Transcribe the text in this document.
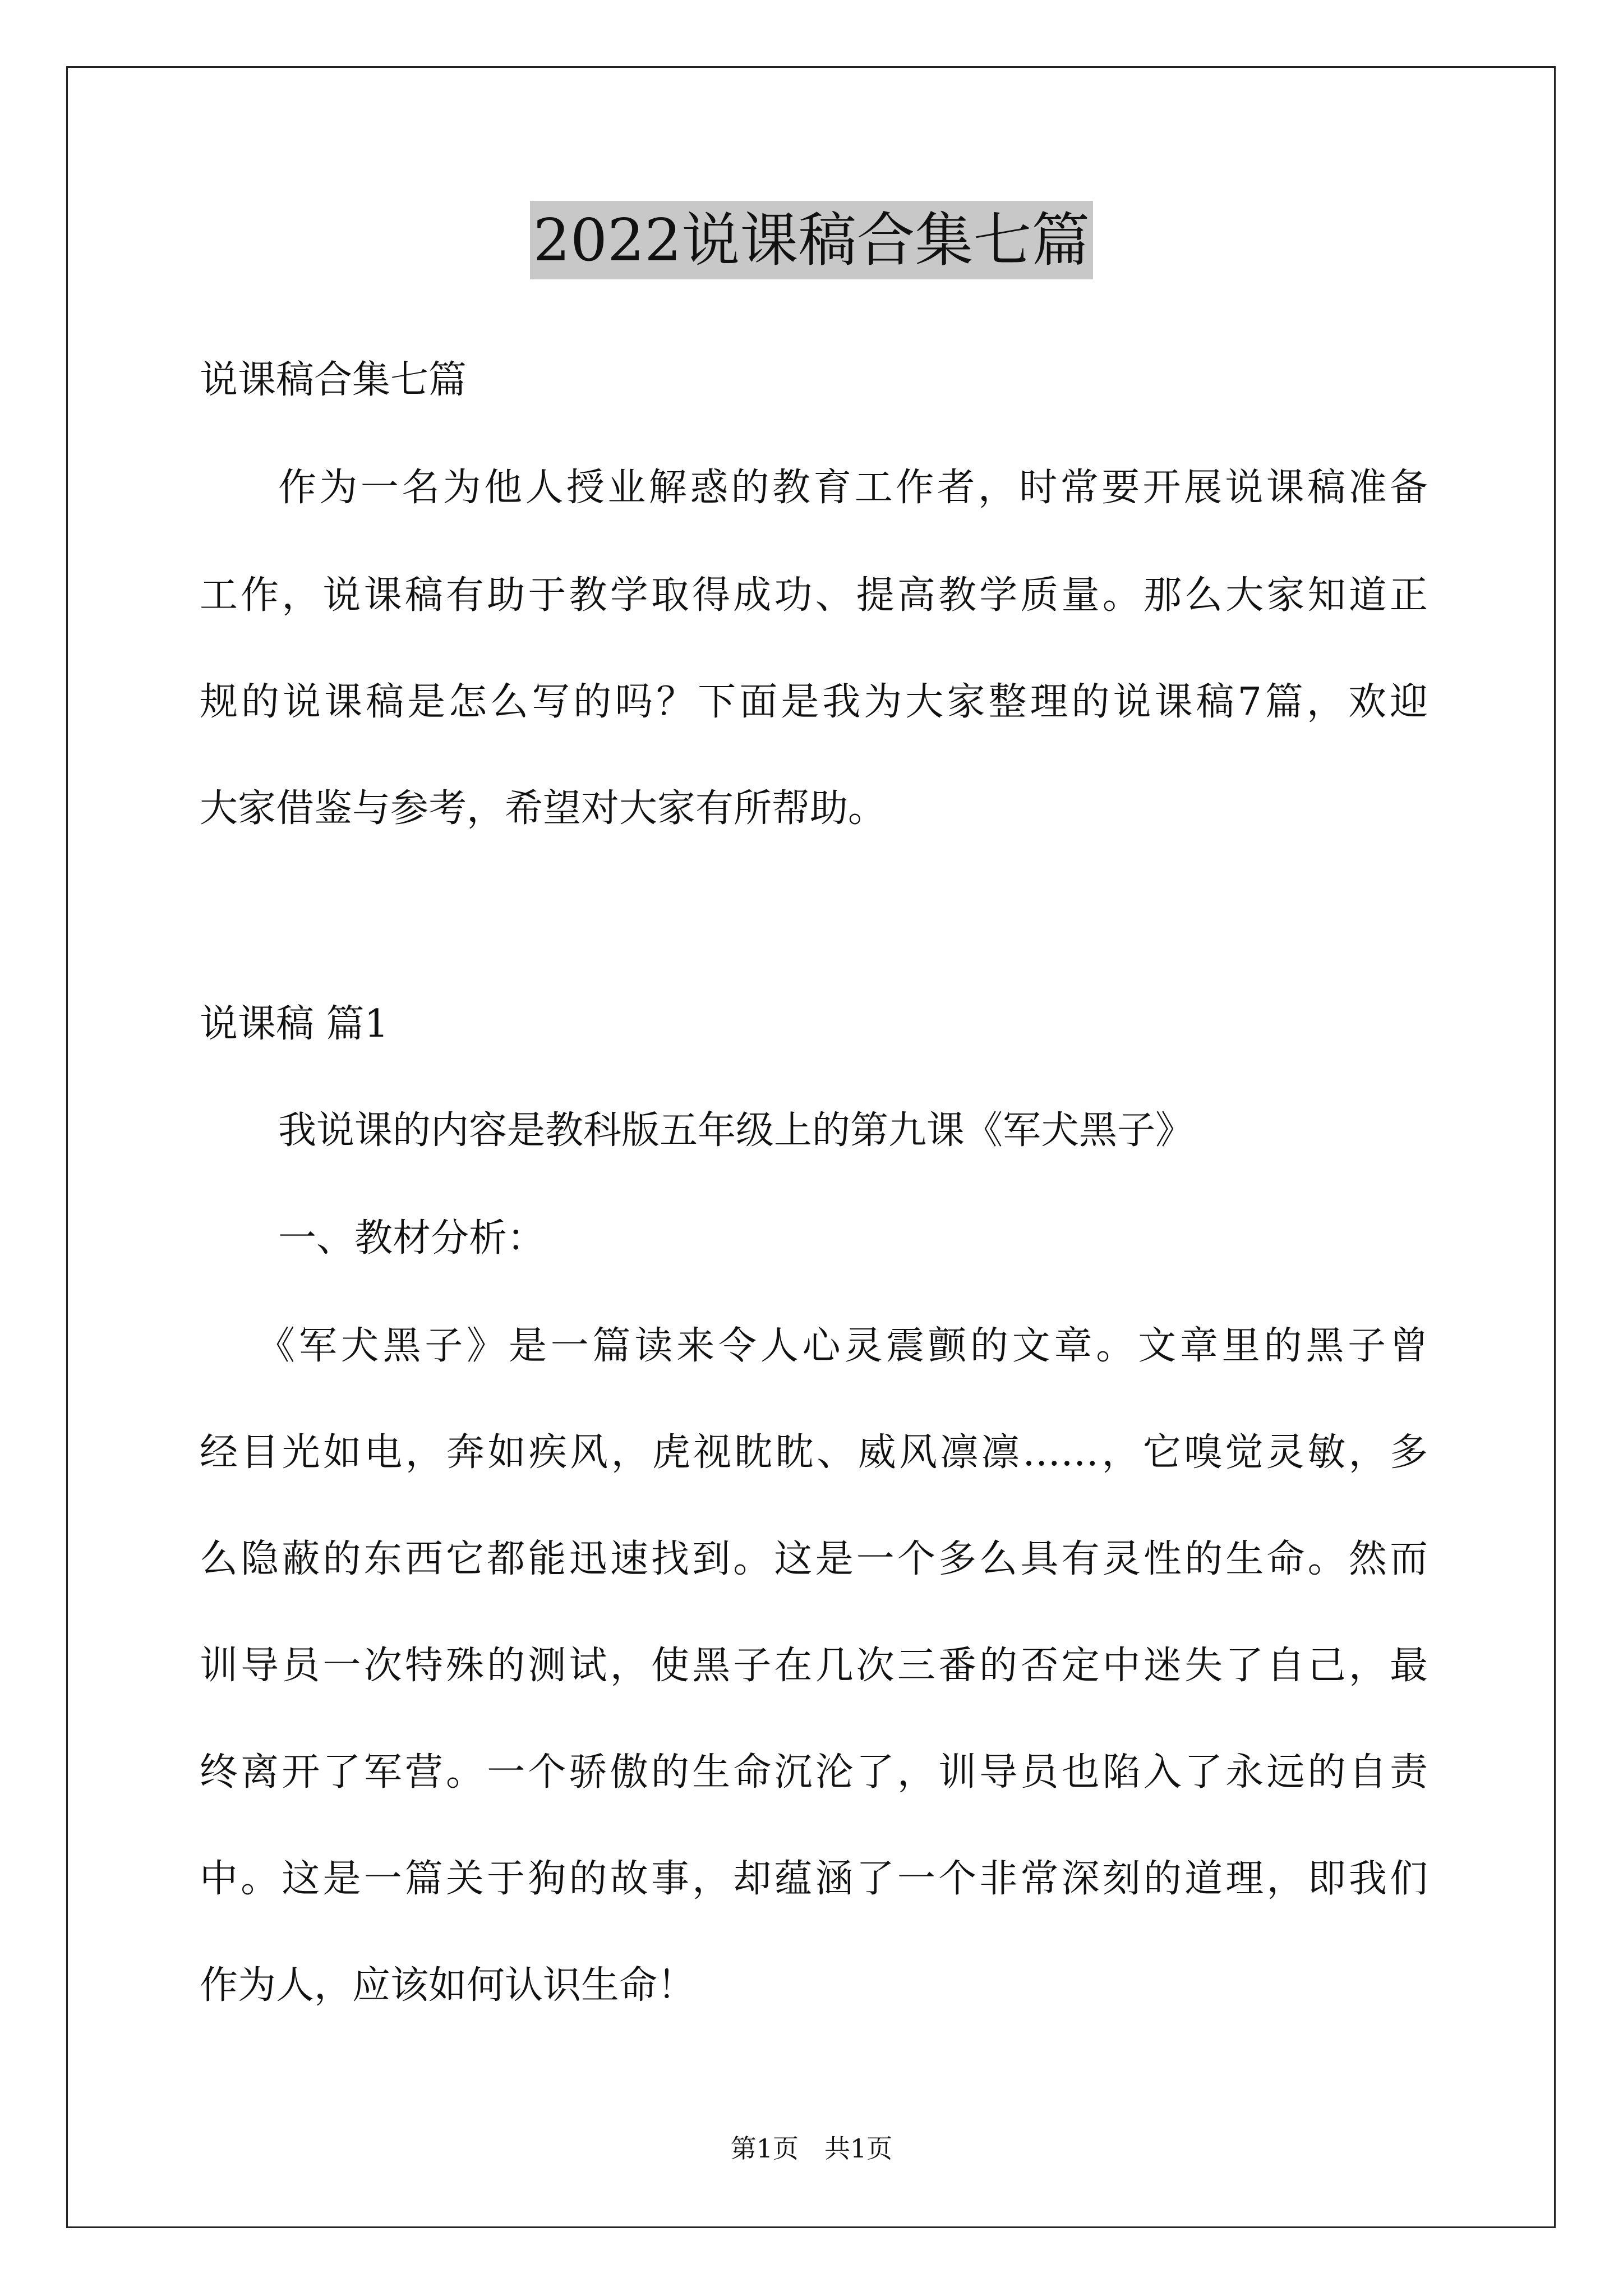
2022说课稿合集七篇
说课稿合集七篇
作为一名为他人授业解惑的教育工作者，时常要开展说课稿准备
工作，说课稿有助于教学取得成功、提高教学质量。那么大家知道正
规的说课稿是怎么写的吗？下面是我为大家整理的说课稿7篇，欢迎
大家借鉴与参考，希望对大家有所帮助。
说课稿 篇1
我说课的内容是教科版五年级上的第九课《军犬黑子》
一、教材分析：
《军犬黑子》是一篇读来令人心灵震颤的文章。文章里的黑子曾
经目光如电，奔如疾风，虎视眈眈、威风凛凛……，它嗅觉灵敏，多
么隐蔽的东西它都能迅速找到。这是一个多么具有灵性的生命。然而
训导员一次特殊的测试，使黑子在几次三番的否定中迷失了自己，最
终离开了军营。一个骄傲的生命沉沦了，训导员也陷入了永远的自责
中。这是一篇关于狗的故事，却蕴涵了一个非常深刻的道理，即我们
作为人，应该如何认识生命！
第1页　共1页
